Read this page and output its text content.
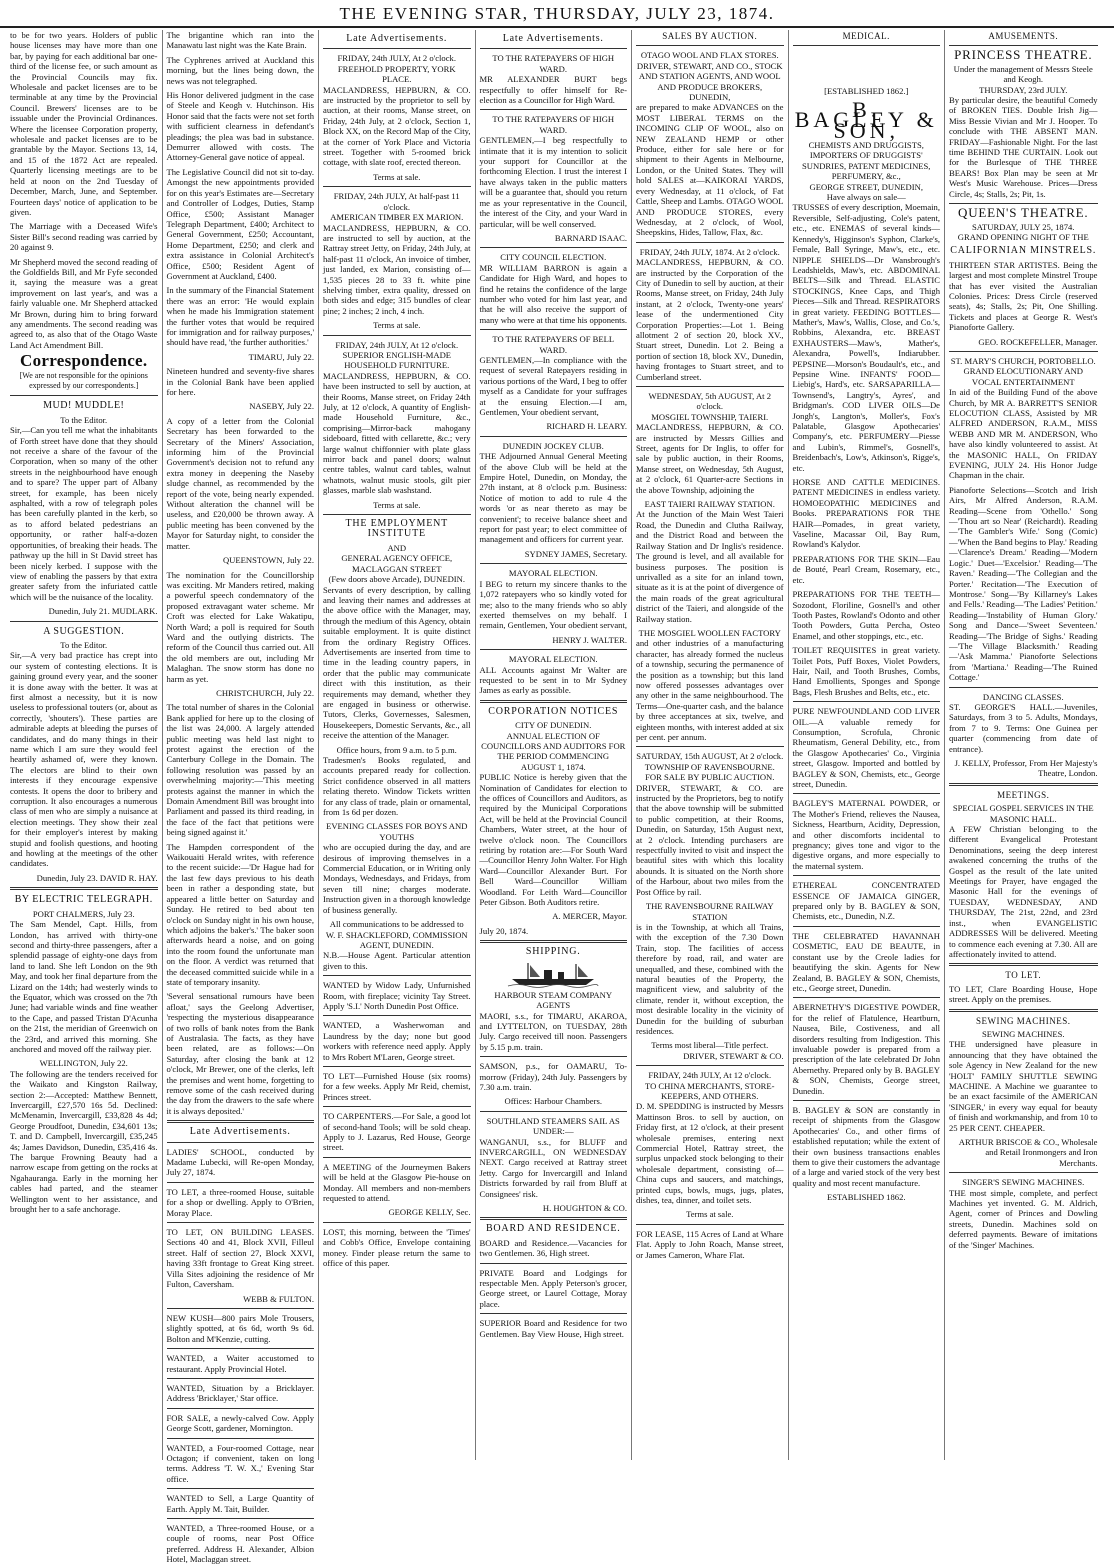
THE EVENING STAR, THURSDAY, JULY 23, 1874.

to be for two years. Holders of public house licenses may have more than one bar, by paying for each additional bar one-third of the license fee, or such amount as the Provincial Councils may fix. Wholesale and packet licenses are to be terminable at any time by the Provincial Council. Brewers' licenses are to be issuable under the Provincial Ordinances. Where the licensee Corporation property, wholesale and packet licenses are to be grantable by the Mayor. Sections 13, 14, and 15 of the 1872 Act are repealed. Quarterly licensing meetings are to be held at noon on the 2nd Tuesday of December, March, June, and September. Fourteen days' notice of application to be given.

The Marriage with a Deceased Wife's Sister Bill's second reading was carried by 20 against 9.

Mr Shepherd moved the second reading of the Goldfields Bill, and Mr Fyfe seconded it, saying the measure was a great improvement on last year's, and was a fairly valuable one. Mr Shepherd attacked Mr Brown, during him to bring forward any amendments. The second reading was agreed to, as also that of the Otago Waste Land Act Amendment Bill.

Correspondence.

[We are not responsible for the opinions expressed by our correspondents.]

MUD! MUDDLE!
To the Editor.

Sir,—Can you tell me what the inhabitants of Forth street have done that they should not receive a share of the favour of the Corporation, when so many of the other streets in the neighbourhood have enough and to spare? The upper part of Albany street, for example, has been nicely asphalted, with a row of telegraph poles has been carefully planted in the kerb, so as to afford belated pedestrians an opportunity, or rather half-a-dozen opportunities, of breaking their heads. The pathway up the hill in St David street has been nicely kerbed. I suppose with the view of enabling the passers by that extra greater safety from the infuriated cattle which will be the nuisance of the locality.

Dunedin, July 21. MUDLARK.
A SUGGESTION.
To the Editor.

Sir,—A very bad practice has crept into our system of contesting elections. It is gaining ground every year, and the sooner it is done away with the better. It was at first almost a necessity, but it is now useless to professional touters (or, about as correctly, 'shouters'). These parties are admirable adepts at bleeding the purses of candidates, and do many things in their name which I am sure they would feel heartily ashamed of, were they known. The electors are blind to their own interests if they encourage expensive contests. It opens the door to bribery and corruption. It also encourages a numerous class of men who are simply a nuisance at election meetings. They show their zeal for their employer's interest by making stupid and foolish questions, and hooting and howling at the meetings of the other candidates.

Dunedin, July 23. DAVID R. HAY.
BY ELECTRIC TELEGRAPH.
PORT CHALMERS, July 23.

The Sam Mendel, Capt. Hills, from London, has arrived with thirty-one second and thirty-three passengers, after a splendid passage of eighty-one days from land to land. She left London on the 9th May, and took her final departure from the Lizard on the 14th; had westerly winds to the Equator, which was crossed on the 7th June; had variable winds and fine weather to the Cape, and passed Tristan D'Acunha on the 21st, the meridian of Greenwich on the 23rd, and arrived this morning. She anchored and moved off the railway pier.

WELLINGTON, July 22.

The following are the tenders received for the Waikato and Kingston Railway, section 2:—Accepted: Matthew Bennett, Invercargill, £27,570 16s 5d. Declined: McMenamin, Invercargill, £33,828 4s 4d; George Proudfoot, Dunedin, £34,601 13s; T. and D. Campbell, Invercargill, £35,245 4s; James Davidson, Dunedin, £35,416 4s. The barque Frowning Beauty had a narrow escape from getting on the rocks at Ngahauranga. Early in the morning her cables had parted, and the steamer Wellington went to her assistance, and brought her to a safe anchorage.

The brigantine which ran into the Manawatu last night was the Kate Brain.

The Cyphrenes arrived at Auckland this morning, but the lines being down, the news was not telegraphed.

His Honor delivered judgment in the case of Steele and Keogh v. Hutchinson. His Honor said that the facts were not set forth with sufficient clearness in defendant's pleadings; the plea was bad in substance. Demurrer allowed with costs. The Attorney-General gave notice of appeal.

The Legislative Council did not sit to-day. Amongst the new appointments provided for on this year's Estimates are—Secretary and Controller of Lodges, Duties, Stamp Office, £500; Assistant Manager Telegraph Department, £400; Architect to General Government, £250; Accountant, Home Department, £250; and clerk and extra assistance in Colonial Architect's Office, £500; Resident Agent of Government at Auckland, £400.

In the summary of the Financial Statement there was an error: 'He would explain when he made his Immigration statement the further votes that would be required for immigration and for railway purposes,' should have read, 'the further authorities.'

TIMARU, July 22.

Nineteen hundred and seventy-five shares in the Colonial Bank have been applied for here.

NASEBY, July 22.

A copy of a letter from the Colonial Secretary has been forwarded to the Secretary of the Miners' Association, informing him of the Provincial Government's decision not to refund any extra money in deepening the Naseby sludge channel, as recommended by the report of the vote, being nearly expended. Without alteration the channel will be useless, and £20,000 be thrown away. A public meeting has been convened by the Mayor for Saturday night, to consider the matter.

QUEENSTOWN, July 22.

The nomination for the Councillorship was exciting. Mr Manders retired, making a powerful speech condemnatory of the proposed extravagant water scheme. Mr Croft was elected for Lake Wakatipu, North Ward; a poll is required for South Ward and the outlying districts. The reform of the Council thus carried out. All the old members are out, including Mr Malaghan. The snow storm has done no harm as yet.

CHRISTCHURCH, July 22.

The total number of shares in the Colonial Bank applied for here up to the closing of the list was 24,000. A largely attended public meeting was held last night to protest against the erection of the Canterbury College in the Domain. The following resolution was passed by an overwhelming majority:—'This meeting protests against the manner in which the Domain Amendment Bill was brought into Parliament and passed its third reading, in the face of the fact that petitions were being signed against it.'

The Hampden correspondent of the Waikouaiti Herald writes, with reference to the recent suicide:—'Dr Hague had for the last few days previous to his death been in rather a desponding state, but appeared a little better on Saturday and Sunday. He retired to bed about ten o'clock on Sunday night in his own house, which adjoins the baker's.' The baker soon afterwards heard a noise, and on going into the room found the unfortunate man on the floor. A verdict was returned that the deceased committed suicide while in a state of temporary insanity.

'Several sensational rumours have been afloat,' says the Geelong Advertiser, 'respecting the mysterious disappearance of two rolls of bank notes from the Bank of Australasia. The facts, as they have been related, are as follows:—On Saturday, after closing the bank at 12 o'clock, Mr Brewer, one of the clerks, left the premises and went home, forgetting to remove some of the cash received during the day from the drawers to the safe where it is always deposited.'

Late Advertisements.

LADIES' SCHOOL, conducted by Madame Lubecki, will Re-open Monday, July 27, 1874.

TO LET, a three-roomed House, suitable for a shop or dwelling. Apply to O'Brien, Moray Place.

TO LET, ON BUILDING LEASES. Sections 40 and 41, Block XVII, Filleul street. Half of section 27, Block XXVI, having 33ft frontage to Great King street. Villa Sites adjoining the residence of Mr Fulton, Caversham.

WEBB & FULTON.

NEW KUSH—800 pairs Mole Trousers, slightly spotted, at 6s 6d, worth 9s 6d. Bolton and M'Kenzie, cutting.

WANTED, a Waiter accustomed to restaurant. Apply Provincial Hotel.

WANTED, Situation by a Bricklayer. Address 'Bricklayer,' Star office.

FOR SALE, a newly-calved Cow. Apply George Scott, gardener, Mornington.

WANTED, a Four-roomed Cottage, near Octagon; if convenient, taken on long terms. Address 'T. W. X.,' Evening Star office.

WANTED to Sell, a Large Quantity of Earth. Apply M. Tait, Builder.

WANTED, a Three-roomed House, or a couple of rooms, near Post Office preferred. Address H. Alexander, Albion Hotel, Maclaggan street.

Late Advertisements.
FRIDAY, 24th JULY, At 2 o'clock.
FREEHOLD PROPERTY, YORK PLACE.

MACLANDRESS, HEPBURN, & CO. are instructed by the proprietor to sell by auction, at their rooms, Manse street, on Friday, 24th July, at 2 o'clock, Section 1, Block XX, on the Record Map of the City, at the corner of York Place and Victoria street. Together with 5-roomed brick cottage, with slate roof, erected thereon.

Terms at sale.
FRIDAY, 24th JULY, At half-past 11 o'clock.
AMERICAN TIMBER EX MARION.

MACLANDRESS, HEPBURN, & CO. are instructed to sell by auction, at the Rattray street Jetty, on Friday, 24th July, at half-past 11 o'clock, An invoice of timber, just landed, ex Marion, consisting of—1,535 pieces 28 to 33 ft. white pine shelving timber, extra quality, dressed on both sides and edge; 315 bundles of clear pine; 2 inches; 2 inch, 4 inch.

Terms at sale.
FRIDAY, 24th JULY, At 12 o'clock.
SUPERIOR ENGLISH-MADE HOUSEHOLD FURNITURE.

MACLANDRESS, HEPBURN, & CO. have been instructed to sell by auction, at their Rooms, Manse street, on Friday 24th July, at 12 o'clock, A quantity of English-made Household Furniture, &c., comprising—Mirror-back mahogany sideboard, fitted with cellarette, &c.; very large walnut chiffonnier with plate glass mirror back and panel doors; walnut centre tables, walnut card tables, walnut whatnots, walnut music stools, gilt pier glasses, marble slab washstand.

Terms at sale.
THE EMPLOYMENT INSTITUTE
AND
GENERAL AGENCY OFFICE, MACLAGGAN STREET
(Few doors above Arcade), DUNEDIN.

Servants of every description, by calling and leaving their names and addresses at the above office with the Manager, may, through the medium of this Agency, obtain suitable employment. It is quite distinct from the ordinary Registry Offices. Advertisements are inserted from time to time in the leading country papers, in order that the public may communicate direct with this institution, as their requirements may demand, whether they are engaged in business or otherwise. Tutors, Clerks, Governesses, Salesmen, Housekeepers, Domestic Servants, &c., all receive the attention of the Manager.

Office hours, from 9 a.m. to 5 p.m.

Tradesmen's Books regulated, and accounts prepared ready for collection. Strict confidence observed in all matters relating thereto. Window Tickets written for any class of trade, plain or ornamental, from 1s 6d per dozen.

EVENING CLASSES FOR BOYS AND YOUTHS

who are occupied during the day, and are desirous of improving themselves in a Commercial Education, or in Writing only Mondays, Wednesdays, and Fridays, from seven till nine; charges moderate. Instruction given in a thorough knowledge of business generally.

All communications to be addressed to
W. F. SHACKLEFORD, COMMISSION AGENT, DUNEDIN.

N.B.—House Agent. Particular attention given to this.

WANTED by Widow Lady, Unfurnished Room, with fireplace; vicinity Tay Street. Apply 'S.I.' North Dunedin Post Office.

WANTED, a Washerwoman and Laundress by the day; none but good workers with reference need apply. Apply to Mrs Robert M'Laren, George street.

TO LET—Furnished House (six rooms) for a few weeks. Apply Mr Reid, chemist, Princes street.

TO CARPENTERS.—For Sale, a good lot of second-hand Tools; will be sold cheap. Apply to J. Lazarus, Red House, George street.

A MEETING of the Journeymen Bakers will be held at the Glasgow Pie-house on Monday. All members and non-members requested to attend.

GEORGE KELLY, Sec.

LOST, this morning, between the 'Times' and Cobb's Office, Envelope containing money. Finder please return the same to office of this paper.

Late Advertisements.
TO THE RATEPAYERS OF HIGH WARD.

MR ALEXANDER BURT begs respectfully to offer himself for Re-election as a Councillor for High Ward.

TO THE RATEPAYERS OF HIGH WARD.

GENTLEMEN,—I beg respectfully to intimate that it is my intention to solicit your support for Councillor at the forthcoming Election. I trust the interest I have always taken in the public matters will be a guarantee that, should you return me as your representative in the Council, the interest of the City, and your Ward in particular, will be well conserved.

BARNARD ISAAC.
CITY COUNCIL ELECTION.

MR WILLIAM BARRON is again a Candidate for High Ward, and hopes to find he retains the confidence of the large number who voted for him last year, and that he will also receive the support of many who were at that time his opponents.

TO THE RATEPAYERS OF BELL WARD.

GENTLEMEN,—In compliance with the request of several Ratepayers residing in various portions of the Ward, I beg to offer myself as a Candidate for your suffrages at the ensuing Election.—I am, Gentlemen, Your obedient servant,

RICHARD H. LEARY.
DUNEDIN JOCKEY CLUB.

THE Adjourned Annual General Meeting of the above Club will be held at the Empire Hotel, Dunedin, on Monday, the 27th instant, at 8 o'clock p.m. Business: Notice of motion to add to rule 4 the words 'or as near thereto as may be convenient'; to receive balance sheet and report for past year; to elect committee of management and officers for current year.

SYDNEY JAMES, Secretary.
MAYORAL ELECTION.

I BEG to return my sincere thanks to the 1,072 ratepayers who so kindly voted for me; also to the many friends who so ably exerted themselves on my behalf. I remain, Gentlemen, Your obedient servant,

HENRY J. WALTER.
MAYORAL ELECTION.

ALL Accounts against Mr Walter are requested to be sent in to Mr Sydney James as early as possible.

CORPORATION NOTICES
CITY OF DUNEDIN.
ANNUAL ELECTION OF COUNCILLORS AND AUDITORS FOR THE PERIOD COMMENCING AUGUST 1, 1874.

PUBLIC Notice is hereby given that the Nomination of Candidates for election to the offices of Councillors and Auditors, as required by the Municipal Corporations Act, will be held at the Provincial Council Chambers, Water street, at the hour of twelve o'clock noon. The Councillors retiring by rotation are:—For South Ward—Councillor Henry John Walter. For High Ward—Councillor Alexander Burt. For Bell Ward—Councillor William Woodland. For Leith Ward—Councillor Peter Gibson. Both Auditors retire.

A. MERCER, Mayor.
July 20, 1874.
SHIPPING.
HARBOUR STEAM COMPANY AGENTS

MAORI, s.s., for TIMARU, AKAROA, and LYTTELTON, on TUESDAY, 28th July. Cargo received till noon. Passengers by 5.15 p.m. train.

SAMSON, p.s., for OAMARU, To-morrow (Friday), 24th July. Passengers by 7.30 a.m. train.

Offices: Harbour Chambers.
SOUTHLAND STEAMERS SAIL AS UNDER:—

WANGANUI, s.s., for BLUFF and INVERCARGILL, ON WEDNESDAY NEXT. Cargo received at Rattray street Jetty. Cargo for Invercargill and Inland Districts forwarded by rail from Bluff at Consignees' risk.

H. HOUGHTON & CO.
BOARD AND RESIDENCE.

BOARD and Residence.—Vacancies for two Gentlemen. 36, High street.

PRIVATE Board and Lodgings for respectable Men. Apply Peterson's grocer, George street, or Laurel Cottage, Moray place.

SUPERIOR Board and Residence for two Gentlemen. Bay View House, High street.

SALES BY AUCTION.
OTAGO WOOL AND FLAX STORES.
DRIVER, STEWART, AND CO., STOCK AND STATION AGENTS, AND WOOL AND PRODUCE BROKERS, DUNEDIN,

are prepared to make ADVANCES on the MOST LIBERAL TERMS on the INCOMING CLIP OF WOOL, also on NEW ZEALAND HEMP or other Produce, either for sale here or for shipment to their Agents in Melbourne, London, or the United States. They will hold SALES at—KAIKORAI YARDS, every Wednesday, at 11 o'clock, of Fat Cattle, Sheep and Lambs. OTAGO WOOL AND PRODUCE STORES, every Wednesday, at 2 o'clock, of Wool, Sheepskins, Hides, Tallow, Flax, &c.

FRIDAY, 24th JULY, 1874. At 2 o'clock.

MACLANDRESS, HEPBURN, & CO. are instructed by the Corporation of the City of Dunedin to sell by auction, at their Rooms, Manse street, on Friday, 24th July instant, at 2 o'clock, Twenty-one years' lease of the undermentioned City Corporation Properties:—Lot 1. Being allotment 2 of section 20, block XV., Stuart street, Dunedin. Lot 2. Being a portion of section 18, block XV., Dunedin, having frontages to Stuart street, and to Cumberland street.

WEDNESDAY, 5th AUGUST, At 2 o'clock.
MOSGIEL TOWNSHIP, TAIERI.

MACLANDRESS, HEPBURN, & CO. are instructed by Messrs Gillies and Street, agents for Dr Inglis, to offer for sale by public auction, in their Rooms, Manse street, on Wednesday, 5th August, at 2 o'clock, 61 Quarter-acre Sections in the above Township, adjoining the

EAST TAIERI RAILWAY STATION.

At the Junction of the Main West Taieri Road, the Dunedin and Clutha Railway, and the District Road and between the Railway Station and Dr Inglis's residence. The ground is level, and all available for business purposes. The position is unrivalled as a site for an inland town, situate as it is at the point of divergence of the main roads of the great agricultural district of the Taieri, and alongside of the Railway station.

THE MOSGIEL WOOLLEN FACTORY

and other industries of a manufacturing character, has already formed the nucleus of a township, securing the permanence of the position as a township; but this land now offered possesses advantages over any other in the same neighbourhood. The Terms—One-quarter cash, and the balance by three acceptances at six, twelve, and eighteen months, with interest added at six per cent. per annum.

SATURDAY, 15th AUGUST, At 2 o'clock.
TOWNSHIP OF RAVENSBOURNE.
FOR SALE BY PUBLIC AUCTION.

DRIVER, STEWART, & CO. are instructed by the Proprietors, beg to notify that the above township will be submitted to public competition, at their Rooms, Dunedin, on Saturday, 15th August next, at 2 o'clock. Intending purchasers are respectfully invited to visit and inspect the beautiful sites with which this locality abounds. It is situated on the North shore of the Harbour, about two miles from the Post Office by rail.

THE RAVENSBOURNE RAILWAY STATION

is in the Township, at which all Trains, with the exception of the 7.30 Down Train, stop. The facilities of access therefore by road, rail, and water are unequalled, and these, combined with the natural beauties of the Property, the magnificent view, and salubrity of the climate, render it, without exception, the most desirable locality in the vicinity of Dunedin for the building of suburban residences.

Terms most liberal—Title perfect.
DRIVER, STEWART & CO.
FRIDAY, 24th JULY, At 12 o'clock.
TO CHINA MERCHANTS, STORE-KEEPERS, AND OTHERS.

D. M. SPEDDING is instructed by Messrs Mattinson Bros. to sell by auction, on Friday first, at 12 o'clock, at their present wholesale premises, entering next Commercial Hotel, Rattray street, the surplus unpacked stock belonging to their wholesale department, consisting of—China cups and saucers, and matchings, printed cups, bowls, mugs, jugs, plates, dishes, tea, dinner, and toilet sets.

Terms at sale.

FOR LEASE, 115 Acres of Land at Whare Flat. Apply to John Roach, Manse street, or James Cameron, Whare Flat.

MEDICAL.
[ESTABLISHED 1862.]
B. BAGLEY & SON,
CHEMISTS AND DRUGGISTS, IMPORTERS OF DRUGGISTS' SUNDRIES, PATENT MEDICINES, PERFUMERY, &c.,
GEORGE STREET, DUNEDIN,
Have always on sale—

TRUSSES of every description, Moemain, Reversible, Self-adjusting, Cole's patent, etc., etc. ENEMAS of several kinds—Kennedy's, Higginson's Syphon, Clarke's, Female, Ball Syringe, Maw's, etc., etc. NIPPLE SHIELDS—Dr Wansbrough's Leadshields, Maw's, etc. ABDOMINAL BELTS—Silk and Thread. ELASTIC STOCKINGS, Knee Caps, and Thigh Pieces—Silk and Thread. RESPIRATORS in great variety. FEEDING BOTTLES—Mather's, Maw's, Wallis, Close, and Co.'s, Robbins, Alexandra, etc. BREAST EXHAUSTERS—Maw's, Mather's, Alexandra, Powell's, Indiarubber. PEPSINE—Morson's Boudault's, etc., and Pepsine Wine. INFANTS' FOOD—Liebig's, Hard's, etc. SARSAPARILLA—Townsend's, Langtry's, Ayres', and Bridgman's. COD LIVER OILS—De Jongh's, Langton's, Moller's, Fox's Palatable, Glasgow Apothecaries' Company's, etc. PERFUMERY—Piesse and Lubin's, Rimmel's, Gosnell's, Breidenbach's, Low's, Atkinson's, Rigge's, etc.

HORSE AND CATTLE MEDICINES. PATENT MEDICINES in endless variety. HOMOEOPATHIC MEDICINES and Books. PREPARATIONS FOR THE HAIR—Pomades, in great variety, Vaseline, Macassar Oil, Bay Rum, Rowland's Kalydor.

PREPARATIONS FOR THE SKIN—Eau de Bouté, Pearl Cream, Rosemary, etc., etc.

PREPARATIONS FOR THE TEETH—Sozodont, Floriline, Gosnell's and other Tooth Pastes, Rowland's Odonto and other Tooth Powders, Gutta Percha, Osteo Enamel, and other stoppings, etc., etc.

TOILET REQUISITES in great variety. Toilet Pots, Puff Boxes, Violet Powders, Hair, Nail, and Tooth Brushes, Combs, Hand Emollients, Sponges and Sponge Bags, Flesh Brushes and Belts, etc., etc.

PURE NEWFOUNDLAND COD LIVER OIL.—A valuable remedy for Consumption, Scrofula, Chronic Rheumatism, General Debility, etc., from the Glasgow Apothecaries' Co., Virginia street, Glasgow. Imported and bottled by BAGLEY & SON, Chemists, etc., George street, Dunedin.

BAGLEY'S MATERNAL POWDER, or The Mother's Friend, relieves the Nausea, Sickness, Heartburn, Acidity, Depression, and other discomforts incidental to pregnancy; gives tone and vigor to the digestive organs, and more especially to the maternal system.

ETHEREAL CONCENTRATED ESSENCE OF JAMAICA GINGER, prepared only by B. BAGLEY & SON, Chemists, etc., Dunedin, N.Z.

THE CELEBRATED HAVANNAH COSMETIC, EAU DE BEAUTE, in constant use by the Creole ladies for beautifying the skin. Agents for New Zealand, B. BAGLEY & SON, Chemists, etc., George street, Dunedin.

ABERNETHY'S DIGESTIVE POWDER, for the relief of Flatulence, Heartburn, Nausea, Bile, Costiveness, and all disorders resulting from Indigestion. This invaluable powder is prepared from a prescription of the late celebrated Dr John Abernethy. Prepared only by B. BAGLEY & SON, Chemists, George street, Dunedin.

B. BAGLEY & SON are constantly in receipt of shipments from the Glasgow Apothecaries' Co., and other firms of established reputation; while the extent of their own business transactions enables them to give their customers the advantage of a large and varied stock of the very best quality and most recent manufacture.

ESTABLISHED 1862.
AMUSEMENTS.
PRINCESS THEATRE.
Under the management of Messrs Steele and Keogh.
THURSDAY, 23rd JULY.

By particular desire, the beautiful Comedy of BROKEN TIES. Double Irish Jig—Miss Bessie Vivian and Mr J. Hooper. To conclude with THE ABSENT MAN. FRIDAY—Fashionable Night. For the last time BEHIND THE CURTAIN. Look out for the Burlesque of THE THREE BEARS! Box Plan may be seen at Mr West's Music Warehouse. Prices—Dress Circle, 4s; Stalls, 2s; Pit, 1s.

QUEEN'S THEATRE.
SATURDAY, JULY 25, 1874.
GRAND OPENING NIGHT OF THE
CALIFORNIAN MINSTRELS.

THIRTEEN STAR ARTISTES. Being the largest and most complete Minstrel Troupe that has ever visited the Australian Colonies. Prices: Dress Circle (reserved seats), 4s; Stalls, 2s; Pit, One Shilling. Tickets and places at George R. West's Pianoforte Gallery.

GEO. ROCKEFELLER, Manager.
ST. MARY'S CHURCH, PORTOBELLO.
GRAND ELOCUTIONARY AND VOCAL ENTERTAINMENT

In aid of the Building Fund of the above Church, by MR A. BARRETT'S SENIOR ELOCUTION CLASS, Assisted by MR ALFRED ANDERSON, R.A.M., MISS WEBB AND MR M. ANDERSON, Who have also kindly volunteered to assist. At the MASONIC HALL, On FRIDAY EVENING, JULY 24. His Honor Judge Chapman in the chair.

Pianoforte Selections—Scotch and Irish Airs, Mr Alfred Anderson, R.A.M. Reading—Scene from 'Othello.' Song—'Thou art so Near' (Reichardt). Reading—'The Gambler's Wife.' Song (Comic)—'When the Band begins to Play.' Reading—'Clarence's Dream.' Reading—'Modern Logic.' Duet—'Excelsior.' Reading—'The Raven.' Reading—'The Collegian and the Porter.' Recitation—'The Execution of Montrose.' Song—'By Killarney's Lakes and Fells.' Reading—'The Ladies' Petition.' Reading—'Instability of Human Glory.' Song and Dance—'Sweet Seventeen.' Reading—'The Bridge of Sighs.' Reading—'The Village Blacksmith.' Reading—'Ask Mamma.' Pianoforte Selections from 'Martiana.' Reading—'The Ruined Cottage.'

DANCING CLASSES.

ST. GEORGE'S HALL.—Juveniles, Saturdays, from 3 to 5. Adults, Mondays, from 7 to 9. Terms: One Guinea per quarter (commencing from date of entrance).

J. KELLY, Professor, From Her Majesty's Theatre, London.
MEETINGS.
SPECIAL GOSPEL SERVICES IN THE MASONIC HALL.

A FEW Christian belonging to the different Evangelical Protestant Denominations, seeing the deep interest awakened concerning the truths of the Gospel as the result of the late united Meetings for Prayer, have engaged the Masonic Hall for the evenings of TUESDAY, WEDNESDAY, AND THURSDAY, The 21st, 22nd, and 23rd inst., when EVANGELISTIC ADDRESSES Will be delivered. Meeting to commence each evening at 7.30. All are affectionately invited to attend.

TO LET.

TO LET, Clare Boarding House, Hope street. Apply on the premises.

SEWING MACHINES.
SEWING MACHINES.

THE undersigned have pleasure in announcing that they have obtained the sole Agency in New Zealand for the new 'HOLT' FAMILY SHUTTLE SEWING MACHINE. A Machine we guarantee to be an exact facsimile of the AMERICAN 'SINGER,' in every way equal for beauty of finish and workmanship, and from 10 to 25 PER CENT. CHEAPER.

ARTHUR BRISCOE & CO., Wholesale and Retail Ironmongers and Iron Merchants.
SINGER'S SEWING MACHINES.

THE most simple, complete, and perfect Machines yet invented. G. M. Aldrich, Agent, corner of Princes and Dowling streets, Dunedin. Machines sold on deferred payments. Beware of imitations of the 'Singer' Machines.
